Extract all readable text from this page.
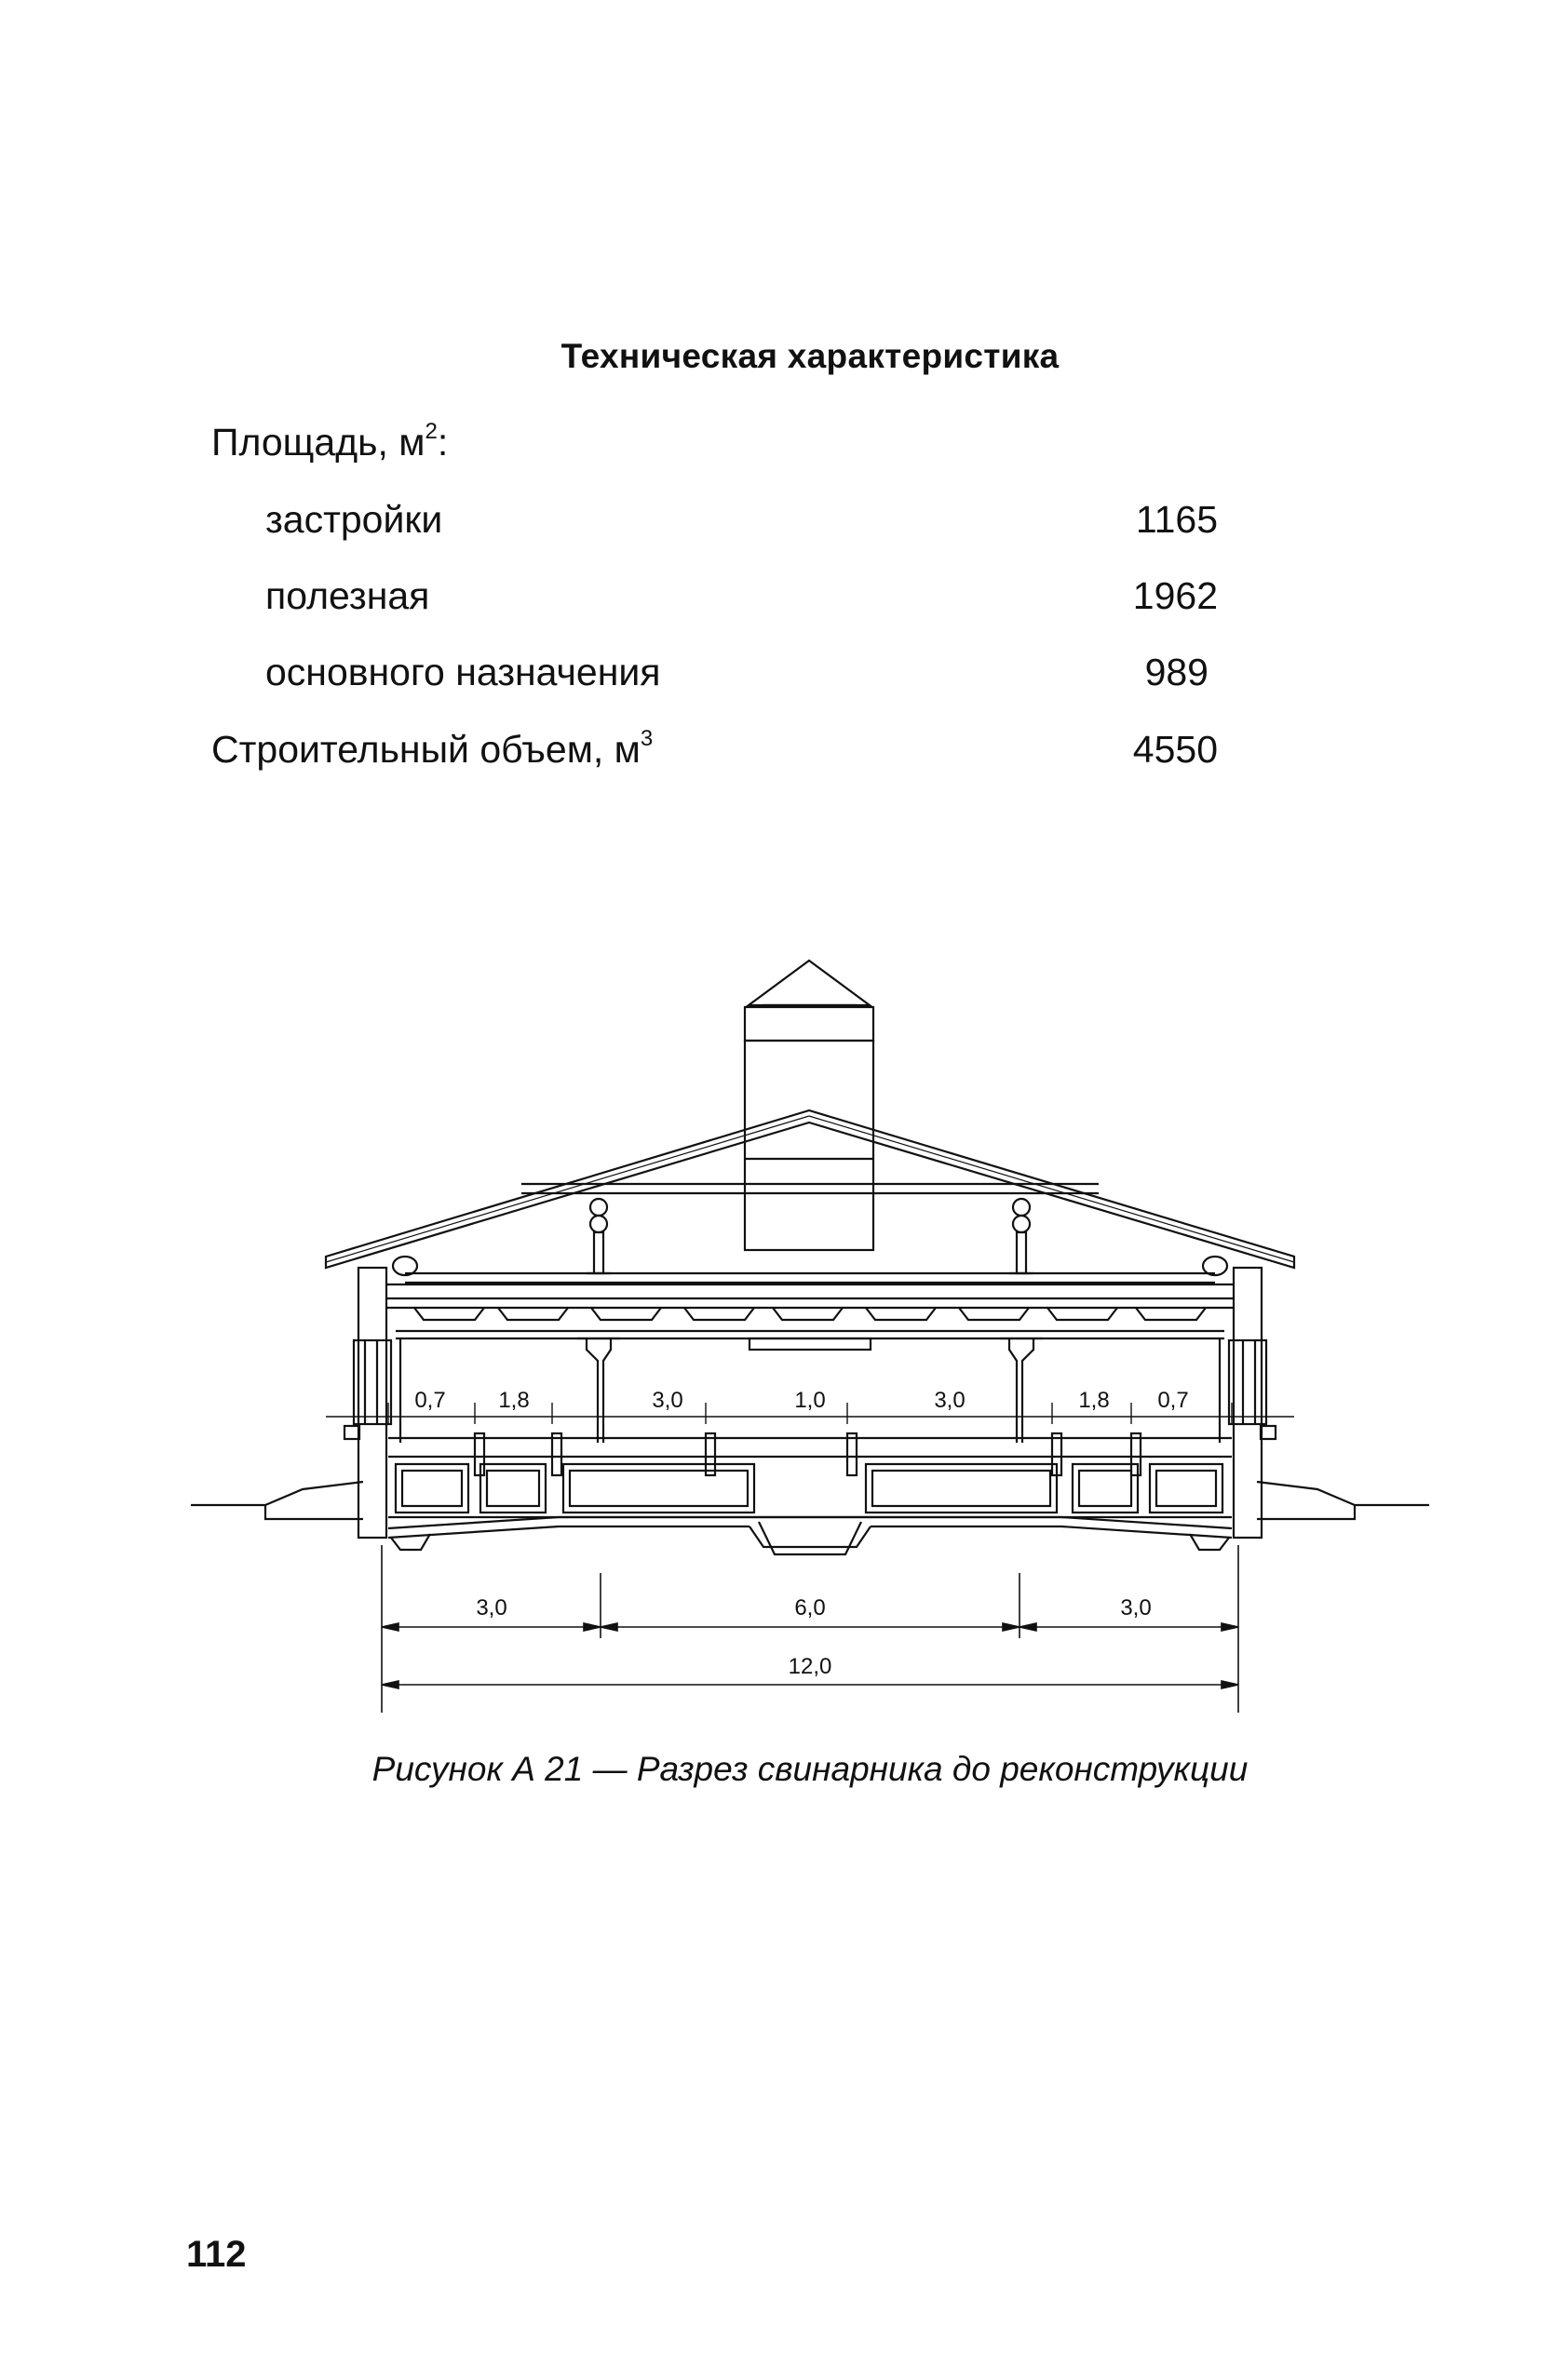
Техническая характеристика
Площадь, $м^2$:
застройки	1165
полезная	1962
основного назначения	989
Строительный объем, $м^3$	4550
0,7 1,8	3,0	1,0	3,0	1,8 0,7
3,0	6,0	3,0
12,0
Рисунок А 21 — Разрез свинарника до реконструкции
112
